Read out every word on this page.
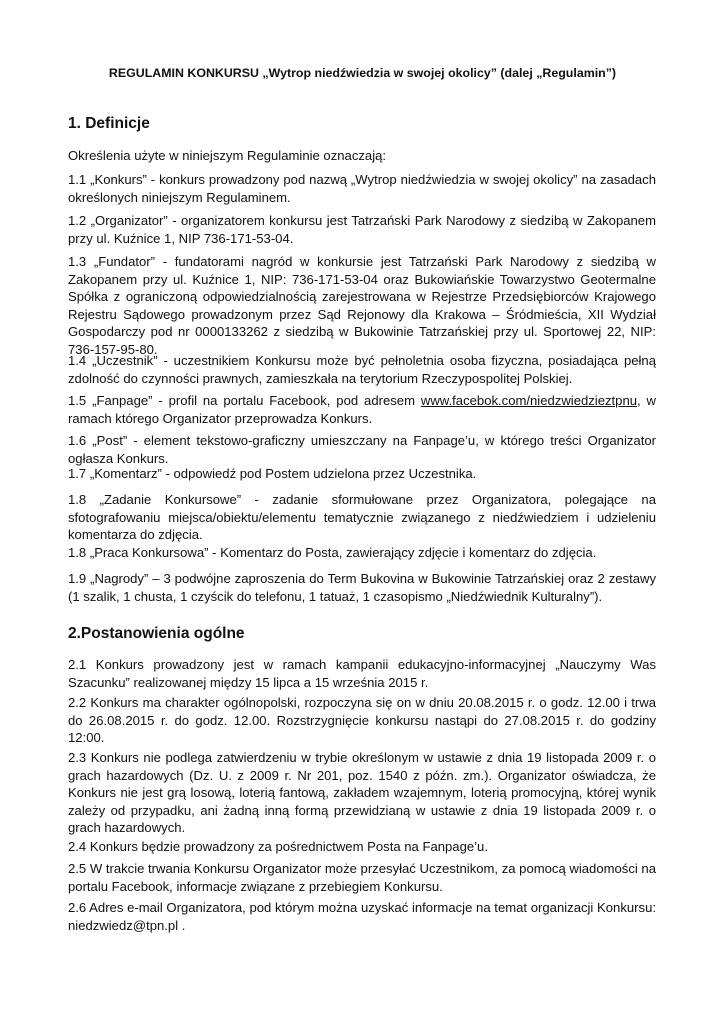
REGULAMIN KONKURSU „Wytrop niedźwiedzia w swojej okolicy” (dalej „Regulamin”)
1. Definicje

Określenia użyte w niniejszym Regulaminie oznaczają:

1.1 „Konkurs” - konkurs prowadzony pod nazwą „Wytrop niedźwiedzia w swojej okolicy” na zasadach określonych niniejszym Regulaminem.

1.2 „Organizator” - organizatorem konkursu jest Tatrzański Park Narodowy z siedzibą w Zakopanem przy ul. Kuźnice 1, NIP 736-171-53-04.

1.3 „Fundator” - fundatorami nagród w konkursie jest Tatrzański Park Narodowy z siedzibą w Zakopanem przy ul. Kuźnice 1, NIP: 736-171-53-04 oraz Bukowiańskie Towarzystwo Geotermalne Spółka z ograniczoną odpowiedzialnością zarejestrowana w Rejestrze Przedsiębiorców Krajowego Rejestru Sądowego prowadzonym przez Sąd Rejonowy dla Krakowa – Śródmieścia, XII Wydział Gospodarczy pod nr 0000133262 z siedzibą w Bukowinie Tatrzańskiej przy ul. Sportowej 22, NIP: 736-157-95-80.

1.4 „Uczestnik” - uczestnikiem Konkursu może być pełnoletnia osoba fizyczna, posiadająca pełną zdolność do czynności prawnych, zamieszkała na terytorium Rzeczypospolitej Polskiej.

1.5 „Fanpage” - profil na portalu Facebook, pod adresem www.facebok.com/niedzwiedzieztpnu, w ramach którego Organizator przeprowadza Konkurs.

1.6 „Post” - element tekstowo-graficzny umieszczany na Fanpage’u, w którego treści Organizator ogłasza Konkurs.

1.7 „Komentarz” - odpowiedź pod Postem udzielona przez Uczestnika.

1.8 „Zadanie Konkursowe” - zadanie sformułowane przez Organizatora, polegające na sfotografowaniu miejsca/obiektu/elementu tematycznie związanego z niedźwiedziem i udzieleniu komentarza do zdjęcia.

1.8 „Praca Konkursowa” - Komentarz do Posta, zawierający zdjęcie i komentarz do zdjęcia.

1.9 „Nagrody” – 3 podwójne zaproszenia do Term Bukovina w Bukowinie Tatrzańskiej oraz 2 zestawy (1 szalik, 1 chusta, 1 czyścik do telefonu, 1 tatuaż, 1 czasopismo „Niedźwiednik Kulturalny”).

2.Postanowienia ogólne

2.1 Konkurs prowadzony jest w ramach kampanii edukacyjno-informacyjnej „Nauczymy Was Szacunku” realizowanej między 15 lipca a 15 września 2015 r.

2.2 Konkurs ma charakter ogólnopolski, rozpoczyna się on w dniu 20.08.2015 r. o godz. 12.00 i trwa do 26.08.2015 r. do godz. 12.00. Rozstrzygnięcie konkursu nastąpi do 27.08.2015 r. do godziny 12:00.

2.3 Konkurs nie podlega zatwierdzeniu w trybie określonym w ustawie z dnia 19 listopada 2009 r. o grach hazardowych (Dz. U. z 2009 r. Nr 201, poz. 1540 z późn. zm.). Organizator oświadcza, że Konkurs nie jest grą losową, loterią fantową, zakładem wzajemnym, loterią promocyjną, której wynik zależy od przypadku, ani żadną inną formą przewidzianą w ustawie z dnia 19 listopada 2009 r. o grach hazardowych.

2.4 Konkurs będzie prowadzony za pośrednictwem Posta na Fanpage’u.

2.5 W trakcie trwania Konkursu Organizator może przesyłać Uczestnikom, za pomocą wiadomości na portalu Facebook, informacje związane z przebiegiem Konkursu.

2.6 Adres e-mail Organizatora, pod którym można uzyskać informacje na temat organizacji Konkursu: niedzwiedz@tpn.pl .
